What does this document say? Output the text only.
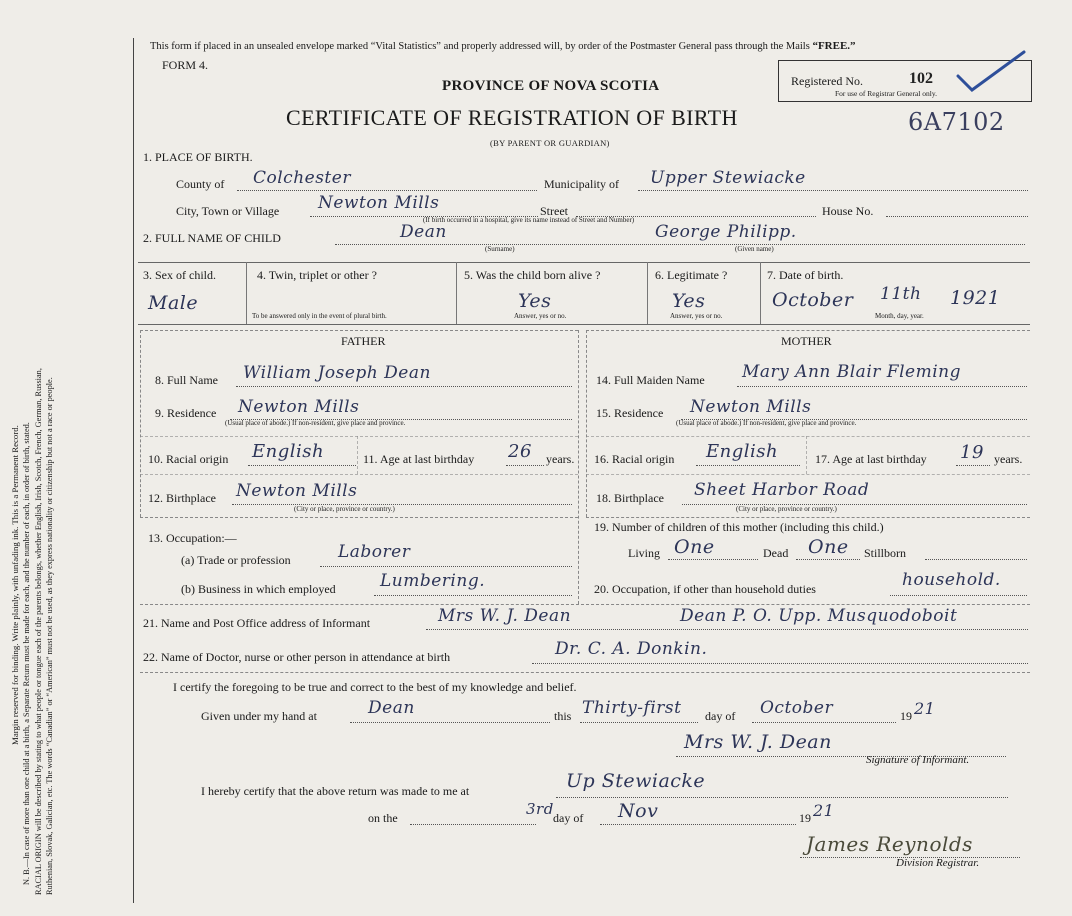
Margin reserved for binding. Write plainly, with unfading ink. This is a Permanent Record. N. B.—In case of more than one child at a birth, a Separate Return must be made for each, and the number of each, in order of birth, stated. RACIAL ORIGIN will be described by stating to what people or tongue each of the parents belongs, whether English, Irish, Scotch, French, German, Russian, Ruthenian, Slovak, Galician, etc. The words “Canadian” or “American” must not be used, as they express nationality or citizenship but not a race or people.
This form if placed in an unsealed envelope marked “Vital Statistics” and properly addressed will, by order of the Postmaster General pass through the Mails “FREE.”
FORM 4.
PROVINCE OF NOVA SCOTIA
CERTIFICATE OF REGISTRATION OF BIRTH
(BY PARENT OR GUARDIAN)
Registered No.	102
For use of Registrar General only.
6A7102
1. PLACE OF BIRTH.
County of Colchester	Municipality of Upper Stewiacke
City, Town or Village Newton Mills	Street	House No.
(If birth occurred in a hospital, give its name instead of Street and Number)
2. FULL NAME OF CHILD	Dean
(Surname)
George Philipp.
(Given name)
3. Sex of child.
Male
4. Twin, triplet or other ?
To be answered only in the event of plural birth.
5. Was the child born alive ?
Yes
Answer, yes or no.
6. Legitimate ?
Yes
Answer, yes or no.
7. Date of birth.
October 11th 1921
Month, day, year.
FATHER	MOTHER
8. Full Name William Joseph Dean
9. Residence Newton Mills
(Usual place of abode.) If non-resident, give place and province.
10. Racial origin English	11. Age at last birthday 26 years.
12. Birthplace Newton Mills
(City or place, province or country.)
13. Occupation:—
(a) Trade or profession	Laborer
(b) Business in which employed	Lumbering.
14. Full Maiden Name Mary Ann Blair Fleming
15. Residence Newton Mills
(Usual place of abode.) If non-resident, give place and province.
16. Racial origin English	17. Age at last birthday 19 years.
18. Birthplace Sheet Harbor Road
(City or place, province or country.)
19. Number of children of this mother (including this child.)
Living One	Dead One Stillborn
20. Occupation, if other than household duties	household.
21. Name and Post Office address of Informant	Mrs W. J. Dean	Dean P. O. Upp. Musquodoboit
22. Name of Doctor, nurse or other person in attendance at birth	Dr. C. A. Donkin.
I certify the foregoing to be true and correct to the best of my knowledge and belief.
Given under my hand at	Dean	this Thirty-first day of October	19 21
Mrs W. J. Dean
Signature of Informant.
I hereby certify that the above return was made to me at	Up Stewiacke
on the	3rd day of Nov	19 21
James Reynolds
Division Registrar.
